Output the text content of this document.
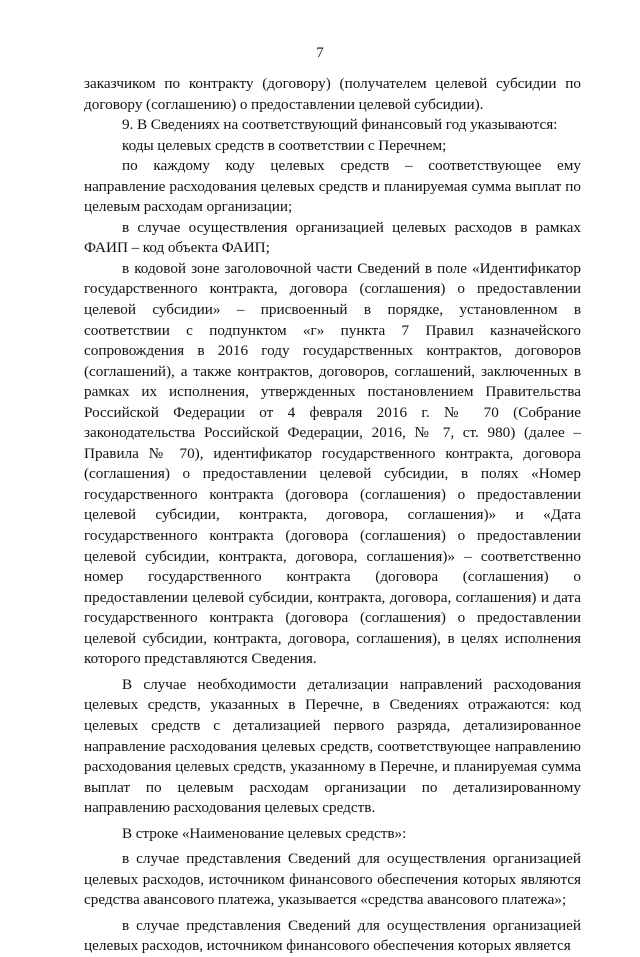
7

заказчиком по контракту (договору) (получателем целевой субсидии по договору (соглашению) о предоставлении целевой субсидии).

9. В Сведениях на соответствующий финансовый год указываются:

коды целевых средств в соответствии с Перечнем;

по каждому коду целевых средств – соответствующее ему направление расходования целевых средств и планируемая сумма выплат по целевым расходам организации;

в случае осуществления организацией целевых расходов в рамках ФАИП – код объекта ФАИП;

в кодовой зоне заголовочной части Сведений в поле «Идентификатор государственного контракта, договора (соглашения) о предоставлении целевой субсидии» – присвоенный в порядке, установленном в соответствии с подпунктом «г» пункта 7 Правил казначейского сопровождения в 2016 году государственных контрактов, договоров (соглашений), а также контрактов, договоров, соглашений, заключенных в рамках их исполнения, утвержденных постановлением Правительства Российской Федерации от 4 февраля 2016 г. № 70 (Собрание законодательства Российской Федерации, 2016, № 7, ст. 980) (далее – Правила № 70), идентификатор государственного контракта, договора (соглашения) о предоставлении целевой субсидии, в полях «Номер государственного контракта (договора (соглашения) о предоставлении целевой субсидии, контракта, договора, соглашения)» и «Дата государственного контракта (договора (соглашения) о предоставлении целевой субсидии, контракта, договора, соглашения)» – соответственно номер государственного контракта (договора (соглашения) о предоставлении целевой субсидии, контракта, договора, соглашения) и дата государственного контракта (договора (соглашения) о предоставлении целевой субсидии, контракта, договора, соглашения), в целях исполнения которого представляются Сведения.

В случае необходимости детализации направлений расходования целевых средств, указанных в Перечне, в Сведениях отражаются: код целевых средств с детализацией первого разряда, детализированное направление расходования целевых средств, соответствующее направлению расходования целевых средств, указанному в Перечне, и планируемая сумма выплат по целевым расходам организации по детализированному направлению расходования целевых средств.

В строке «Наименование целевых средств»:

в случае представления Сведений для осуществления организацией целевых расходов, источником финансового обеспечения которых являются средства авансового платежа, указывается «средства авансового платежа»;

в случае представления Сведений для осуществления организацией целевых расходов, источником финансового обеспечения которых является
